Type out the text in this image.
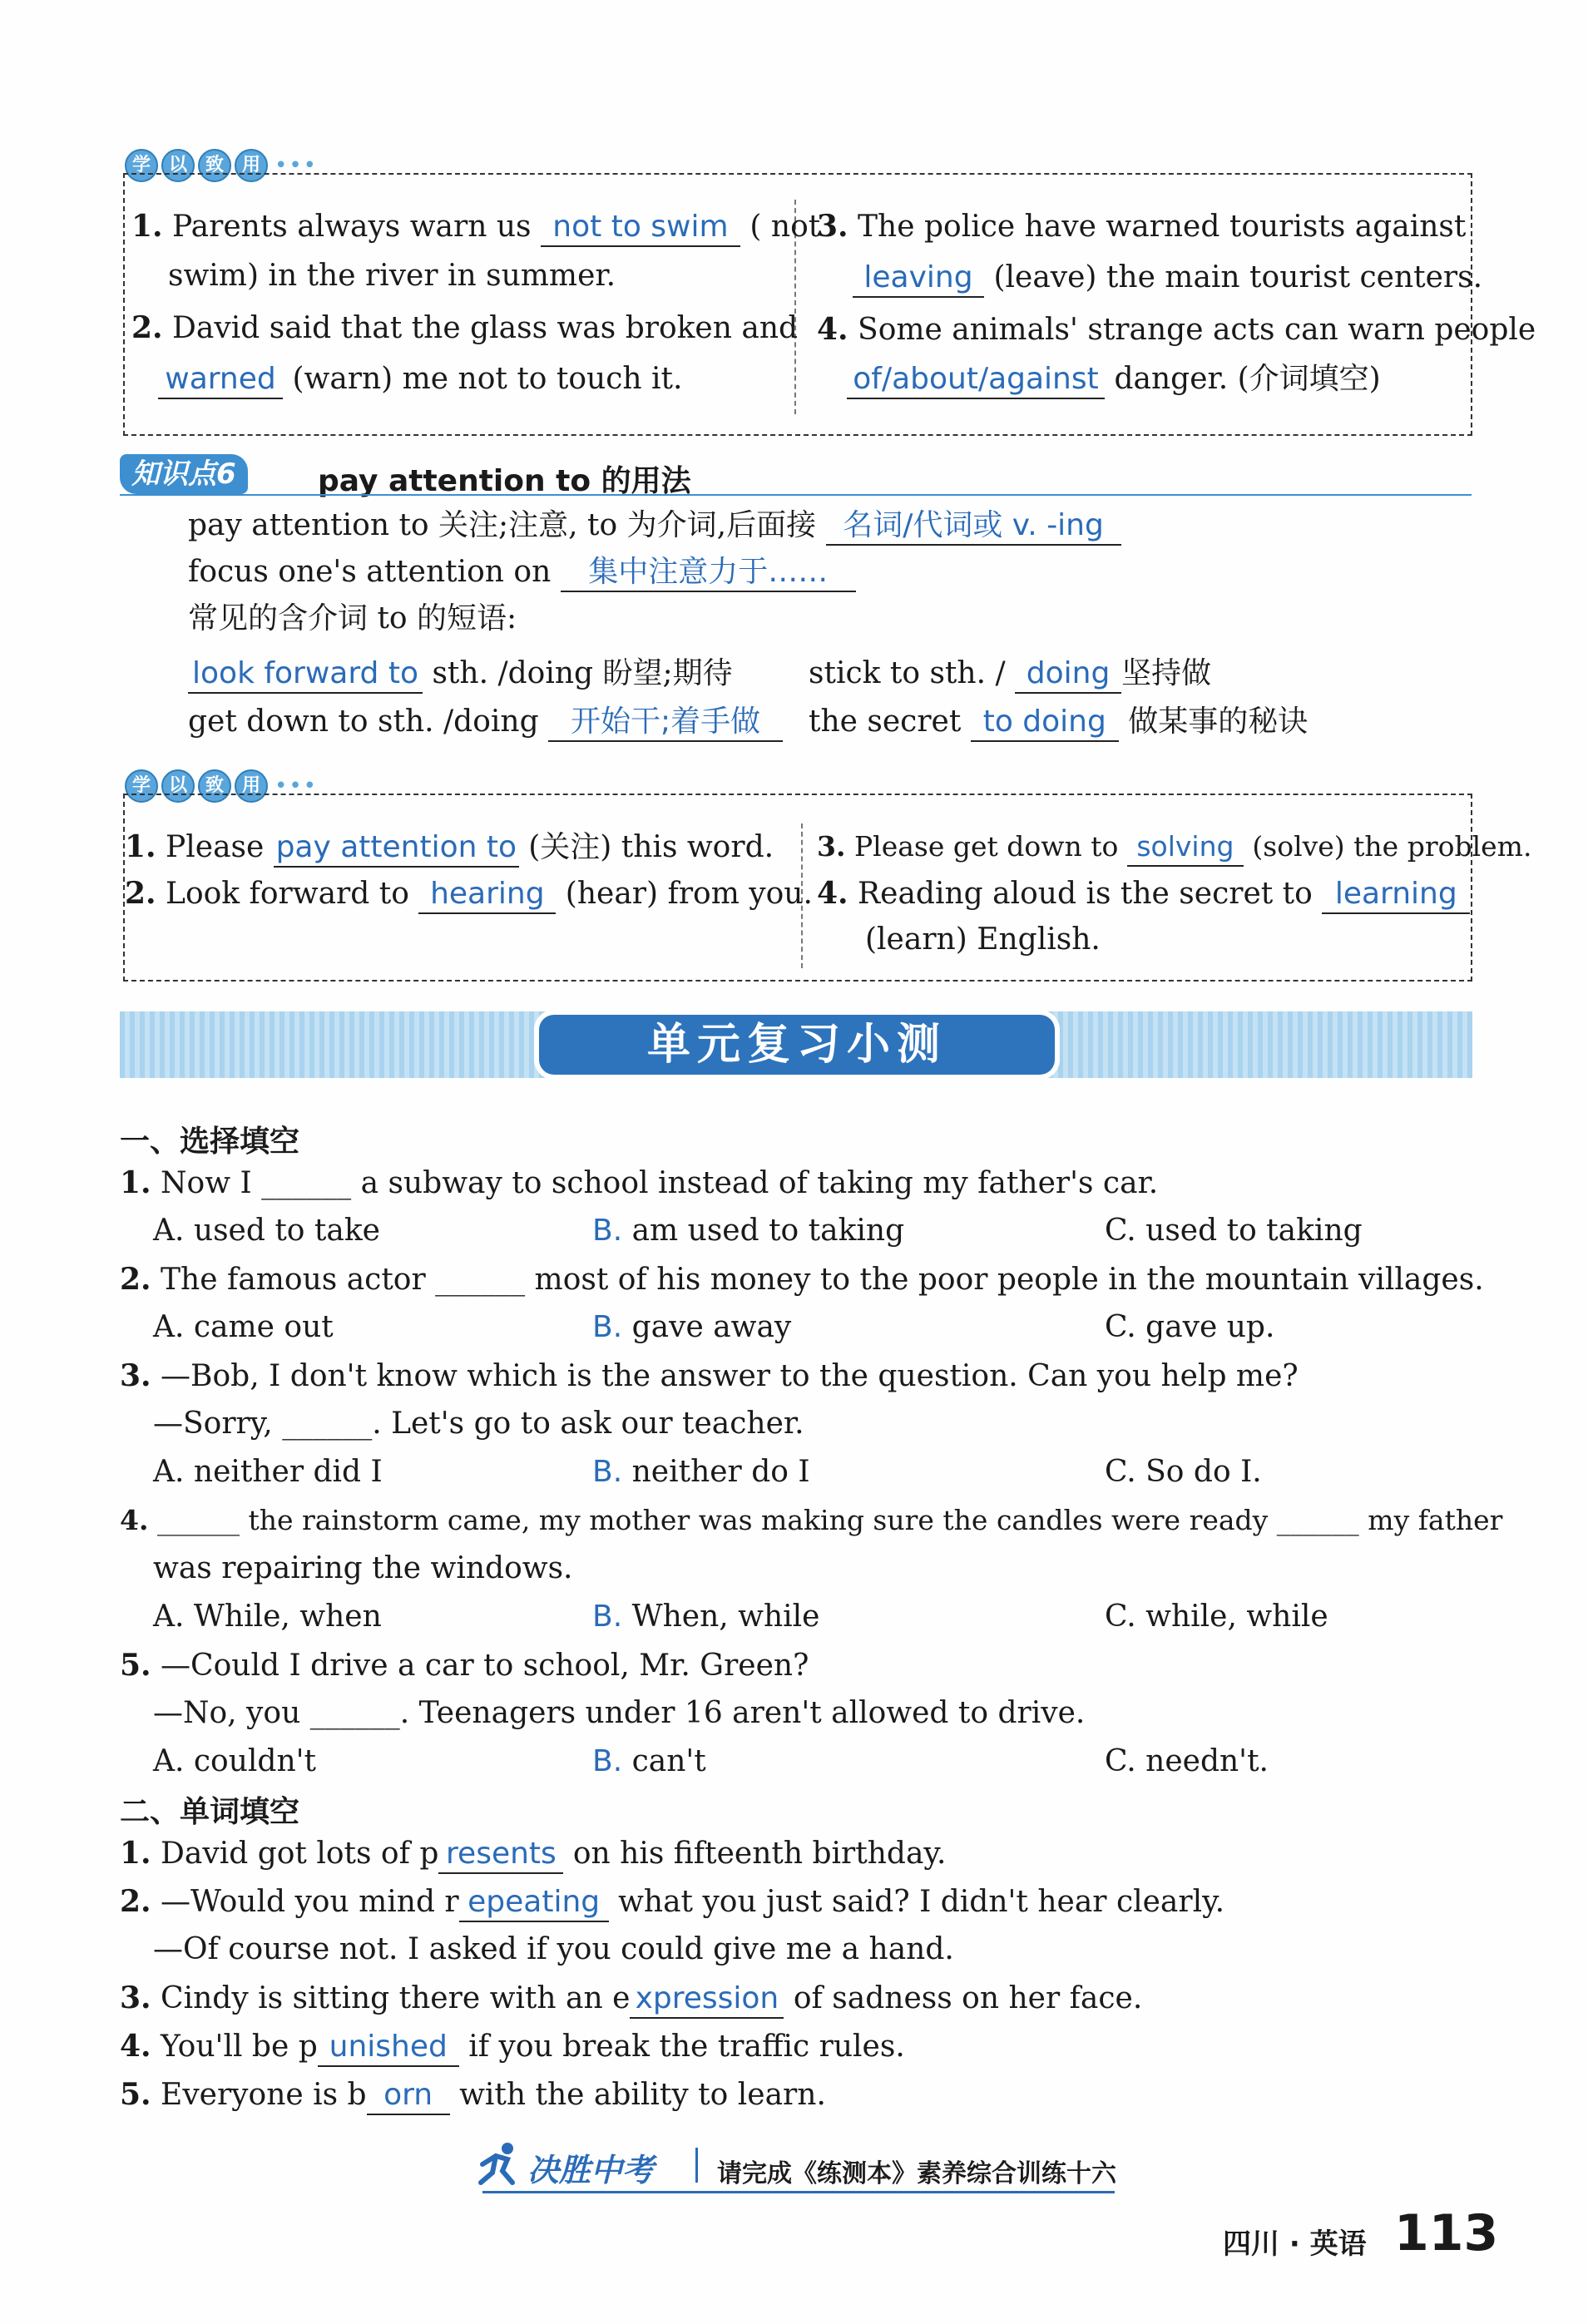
学 以 致 用 •••
1. Parents always warn us not to swim ( not
swim) in the river in summer.
2. David said that the glass was broken and
warned (warn) me not to touch it.
3. The police have warned tourists against
leaving (leave) the main tourist centers.
4. Some animals' strange acts can warn people
of/about/against danger. (介词填空)
知识点6	pay attention to 的用法
pay attention to 关注;注意, to 为介词,后面接 名词/代词或 v. -ing
focus one's attention on 集中注意力于……
常见的含介词 to 的短语:
look forward to sth. /doing 盼望;期待	stick to sth. / doing 坚持做
get down to sth. /doing 开始干;着手做	the secret to doing 做某事的秘诀
学 以 致 用 •••
1. Please pay attention to (关注) this word.
2. Look forward to hearing (hear) from you.
3. Please get down to solving (solve) the problem.
4. Reading aloud is the secret to learning
(learn) English.
单元复习小测
一、选择填空
1. Now I ______ a subway to school instead of taking my father's car.
A. used to take	B. am used to taking	C. used to taking
2. The famous actor ______ most of his money to the poor people in the mountain villages.
A. came out	B. gave away	C. gave up.
3. —Bob, I don't know which is the answer to the question. Can you help me?
—Sorry, ______. Let's go to ask our teacher.
A. neither did I	B. neither do I	C. So do I.
4. ______ the rainstorm came, my mother was making sure the candles were ready ______ my father
was repairing the windows.
A. While, when	B. When, while	C. while, while
5. —Could I drive a car to school, Mr. Green?
—No, you ______. Teenagers under 16 aren't allowed to drive.
A. couldn't	B. can't	C. needn't.
二、单词填空
1. David got lots of p resents on his fifteenth birthday.
2. —Would you mind r epeating what you just said? I didn't hear clearly.
—Of course not. I asked if you could give me a hand.
3. Cindy is sitting there with an e xpression of sadness on her face.
4. You'll be p unished if you break the traffic rules.
5. Everyone is b orn with the ability to learn.
决胜中考	请完成《练测本》素养综合训练十六
四川 · 英语 113
